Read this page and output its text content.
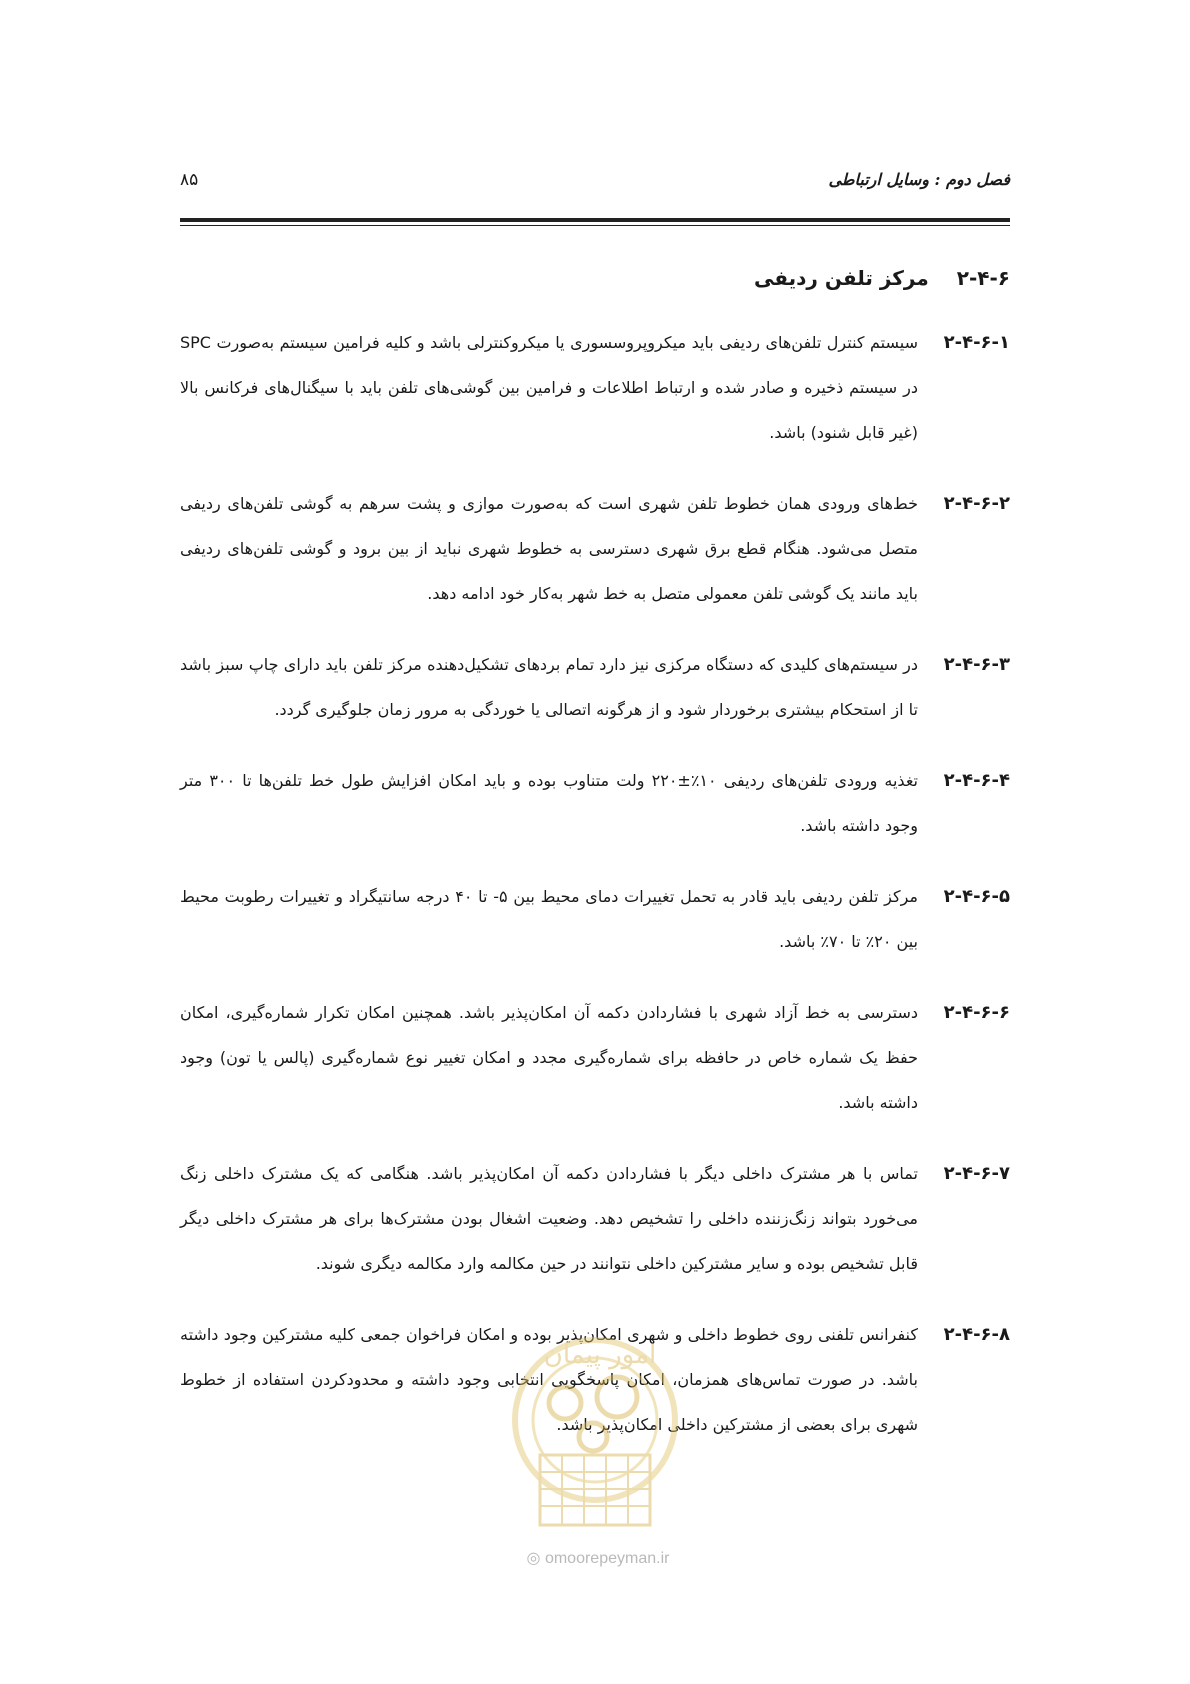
فصل دوم : وسایل ارتباطی
۸۵
۲-۴-۶
مرکز تلفن ردیفی
۲-۴-۶-۱
سیستم کنترل تلفن‌های ردیفی باید میکروپروسسوری یا میکروکنترلی باشد و کلیه فرامین سیستم به‌صورت SPC در سیستم ذخیره و صادر شده و ارتباط اطلاعات و فرامین بین گوشی‌های تلفن باید با سیگنال‌های فرکانس بالا (غیر قابل شنود) باشد.
۲-۴-۶-۲
خط‌های ورودی همان خطوط تلفن شهری است که به‌صورت موازی و پشت سرهم به گوشی تلفن‌های ردیفی متصل می‌شود. هنگام قطع برق شهری دسترسی به خطوط شهری نباید از بین برود و گوشی تلفن‌های ردیفی باید مانند یک گوشی تلفن معمولی متصل به خط شهر به‌کار خود ادامه دهد.
۲-۴-۶-۳
در سیستم‌های کلیدی که دستگاه مرکزی نیز دارد تمام بردهای تشکیل‌دهنده مرکز تلفن باید دارای چاپ سبز باشد تا از استحکام بیشتری برخوردار شود و از هرگونه اتصالی یا خوردگی به مرور زمان جلوگیری گردد.
۲-۴-۶-۴
تغذیه ورودی تلفن‌های ردیفی ۱۰٪±۲۲۰ ولت متناوب بوده و باید امکان افزایش طول خط تلفن‌ها تا ۳۰۰ متر وجود داشته باشد.
۲-۴-۶-۵
مرکز تلفن ردیفی باید قادر به تحمل تغییرات دمای محیط بین ۵- تا ۴۰ درجه سانتیگراد و تغییرات رطوبت محیط بین ۲۰٪ تا ۷۰٪ باشد.
۲-۴-۶-۶
دسترسی به خط آزاد شهری با فشاردادن دکمه آن امکان‌پذیر باشد. همچنین امکان تکرار شماره‌گیری، امکان حفظ یک شماره خاص در حافظه برای شماره‌گیری مجدد و امکان تغییر نوع شماره‌گیری (پالس یا تون) وجود داشته باشد.
۲-۴-۶-۷
تماس با هر مشترک داخلی دیگر با فشاردادن دکمه آن امکان‌پذیر باشد. هنگامی که یک مشترک داخلی زنگ می‌خورد بتواند زنگ‌زننده داخلی را تشخیص دهد. وضعیت اشغال بودن مشترک‌ها برای هر مشترک داخلی دیگر قابل تشخیص بوده و سایر مشترکین داخلی نتوانند در حین مکالمه وارد مکالمه دیگری شوند.
۲-۴-۶-۸
کنفرانس تلفنی روی خطوط داخلی و شهری امکان‌پذیر بوده و امکان فراخوان جمعی کلیه مشترکین وجود داشته باشد. در صورت تماس‌های همزمان، امکان پاسخگویی انتخابی وجود داشته و محدودکردن استفاده از خطوط شهری برای بعضی از مشترکین داخلی امکان‌پذیر باشد.
امور پیمان
◎ omoorepeyman.ir
